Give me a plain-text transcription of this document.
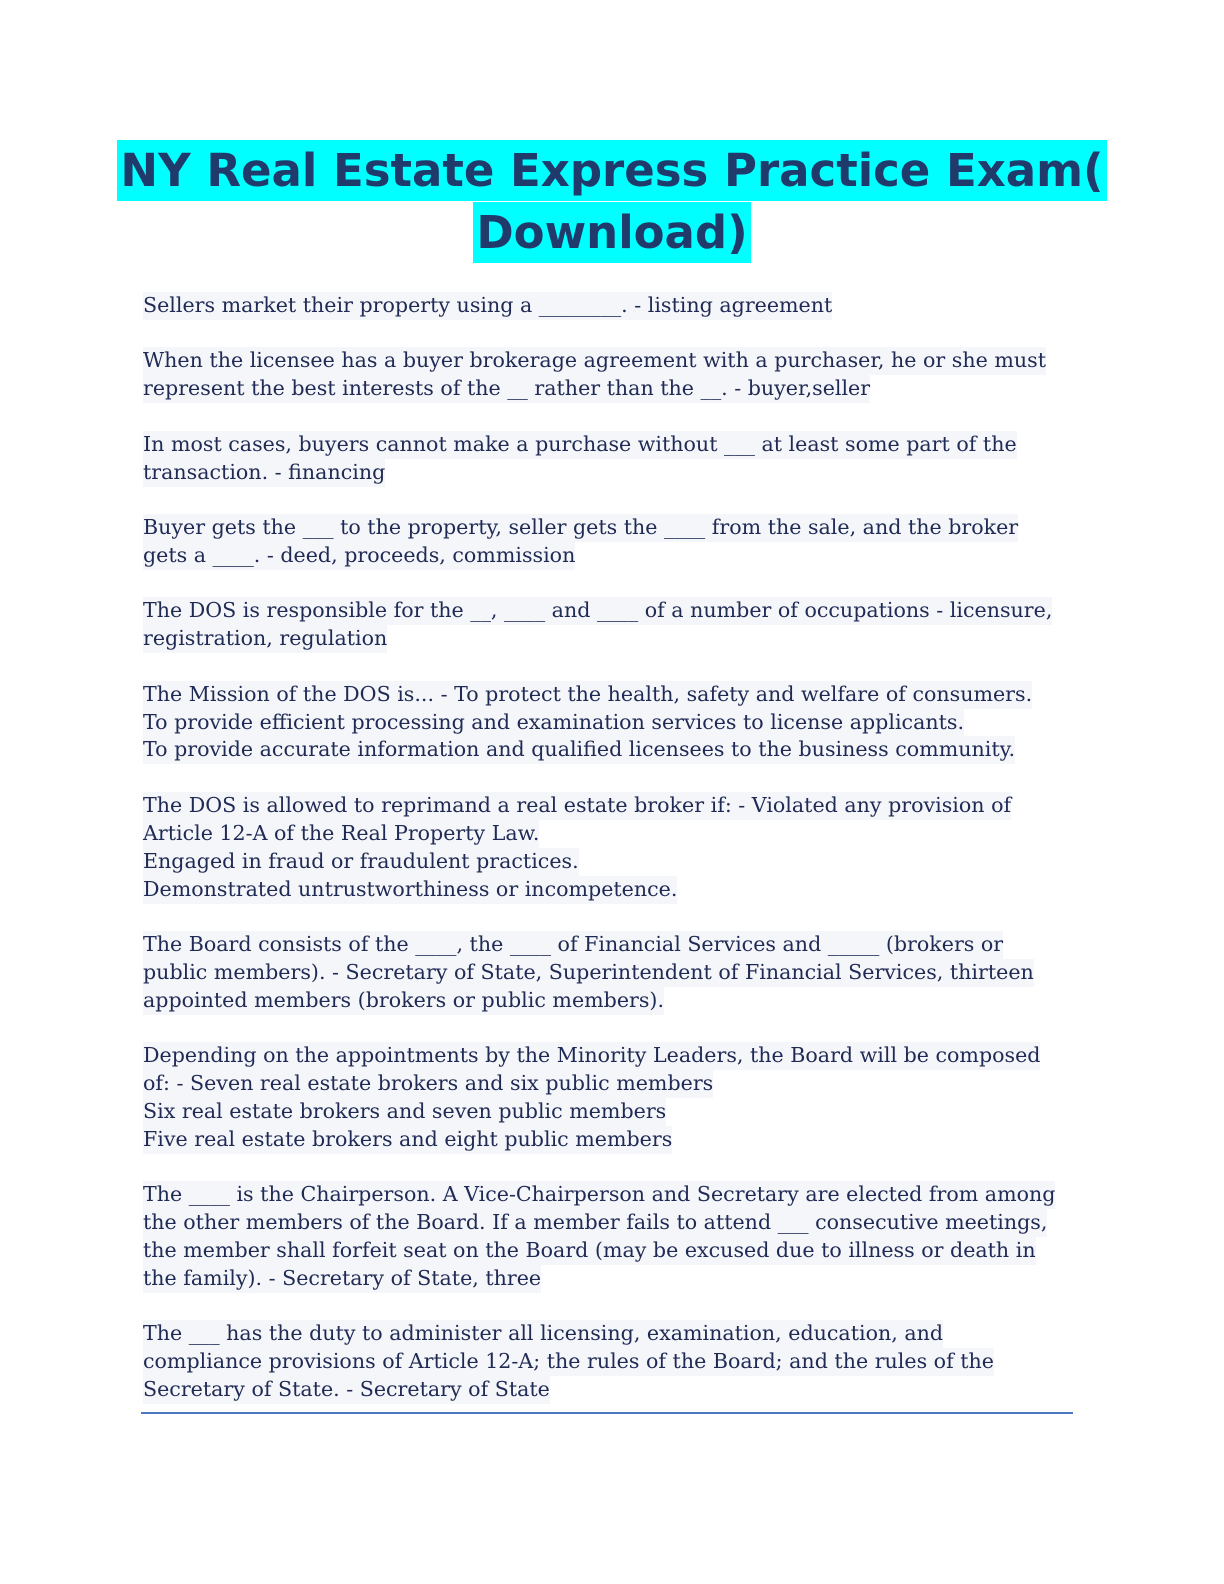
NY Real Estate Express Practice Exam(
Download)
Sellers market their property using a ________. - listing agreement
When the licensee has a buyer brokerage agreement with a purchaser, he or she must
represent the best interests of the __ rather than the __. - buyer,seller
In most cases, buyers cannot make a purchase without ___ at least some part of the
transaction. - financing
Buyer gets the ___ to the property, seller gets the ____ from the sale, and the broker
gets a ____. - deed, proceeds, commission
The DOS is responsible for the __, ____ and ____ of a number of occupations - licensure,
registration, regulation
The Mission of the DOS is... - To protect the health, safety and welfare of consumers.
To provide efficient processing and examination services to license applicants.
To provide accurate information and qualified licensees to the business community.
The DOS is allowed to reprimand a real estate broker if: - Violated any provision of
Article 12-A of the Real Property Law.
Engaged in fraud or fraudulent practices.
Demonstrated untrustworthiness or incompetence.
The Board consists of the ____, the ____ of Financial Services and _____ (brokers or
public members). - Secretary of State, Superintendent of Financial Services, thirteen
appointed members (brokers or public members).
Depending on the appointments by the Minority Leaders, the Board will be composed
of: - Seven real estate brokers and six public members
Six real estate brokers and seven public members
Five real estate brokers and eight public members
The ____ is the Chairperson. A Vice-Chairperson and Secretary are elected from among
the other members of the Board. If a member fails to attend ___ consecutive meetings,
the member shall forfeit seat on the Board (may be excused due to illness or death in
the family). - Secretary of State, three
The ___ has the duty to administer all licensing, examination, education, and
compliance provisions of Article 12-A; the rules of the Board; and the rules of the
Secretary of State. - Secretary of State
